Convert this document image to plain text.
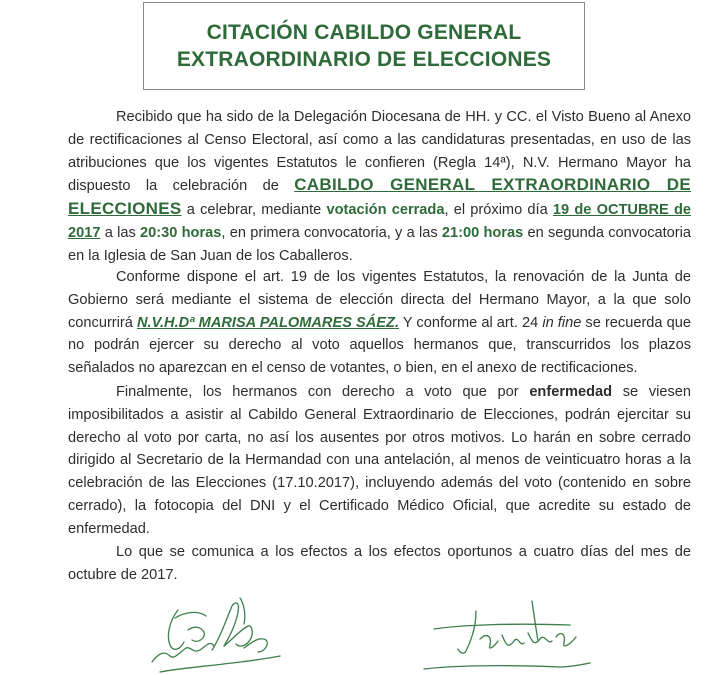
CITACIÓN CABILDO GENERAL
EXTRAORDINARIO DE ELECCIONES

Recibido que ha sido de la Delegación Diocesana de HH. y CC. el Visto Bueno al Anexo de rectificaciones al Censo Electoral, así como a las candidaturas presentadas, en uso de las atribuciones que los vigentes Estatutos le confieren (Regla 14ª), N.V. Hermano Mayor ha dispuesto la celebración de CABILDO GENERAL EXTRAORDINARIO DE ELECCIONES a celebrar, mediante votación cerrada, el próximo día 19 de OCTUBRE de 2017 a las 20:30 horas, en primera convocatoria, y a las 21:00 horas en segunda convocatoria en la Iglesia de San Juan de los Caballeros.

Conforme dispone el art. 19 de los vigentes Estatutos, la renovación de la Junta de Gobierno será mediante el sistema de elección directa del Hermano Mayor, a la que solo concurrirá N.V.H.Dª MARISA PALOMARES SÁEZ. Y conforme al art. 24 in fine se recuerda que no podrán ejercer su derecho al voto aquellos hermanos que, transcurridos los plazos señalados no aparezcan en el censo de votantes, o bien, en el anexo de rectificaciones.

Finalmente, los hermanos con derecho a voto que por enfermedad se viesen imposibilitados a asistir al Cabildo General Extraordinario de Elecciones, podrán ejercitar su derecho al voto por carta, no así los ausentes por otros motivos. Lo harán en sobre cerrado dirigido al Secretario de la Hermandad con una antelación, al menos de veinticuatro horas a la celebración de las Elecciones (17.10.2017), incluyendo además del voto (contenido en sobre cerrado), la fotocopia del DNI y el Certificado Médico Oficial, que acredite su estado de enfermedad.

Lo que se comunica a los efectos a los efectos oportunos a cuatro días del mes de octubre de 2017.
